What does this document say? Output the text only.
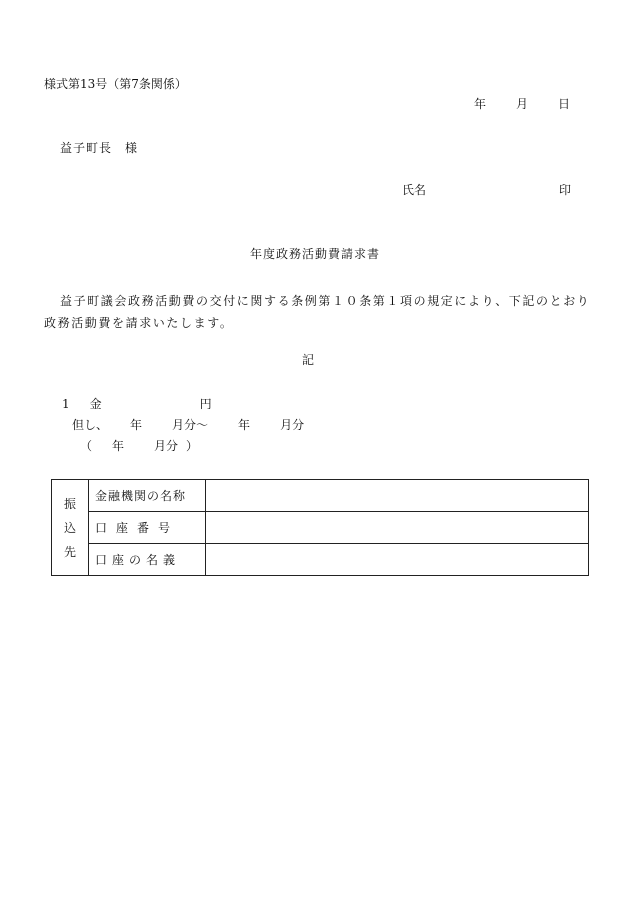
様式第13号（第7条関係）
年	月	日
益子町長　様
氏名	印
年度政務活動費請求書
益子町議会政務活動費の交付に関する条例第１０条第１項の規定により、下記のとおり政務活動費を請求いたします。
記
1 金	円
但し、 年	月分〜	年	月分
（ 年	月分 ）
振
込
先	金融機関の名称	
	口座番号	
	口座の名義	
